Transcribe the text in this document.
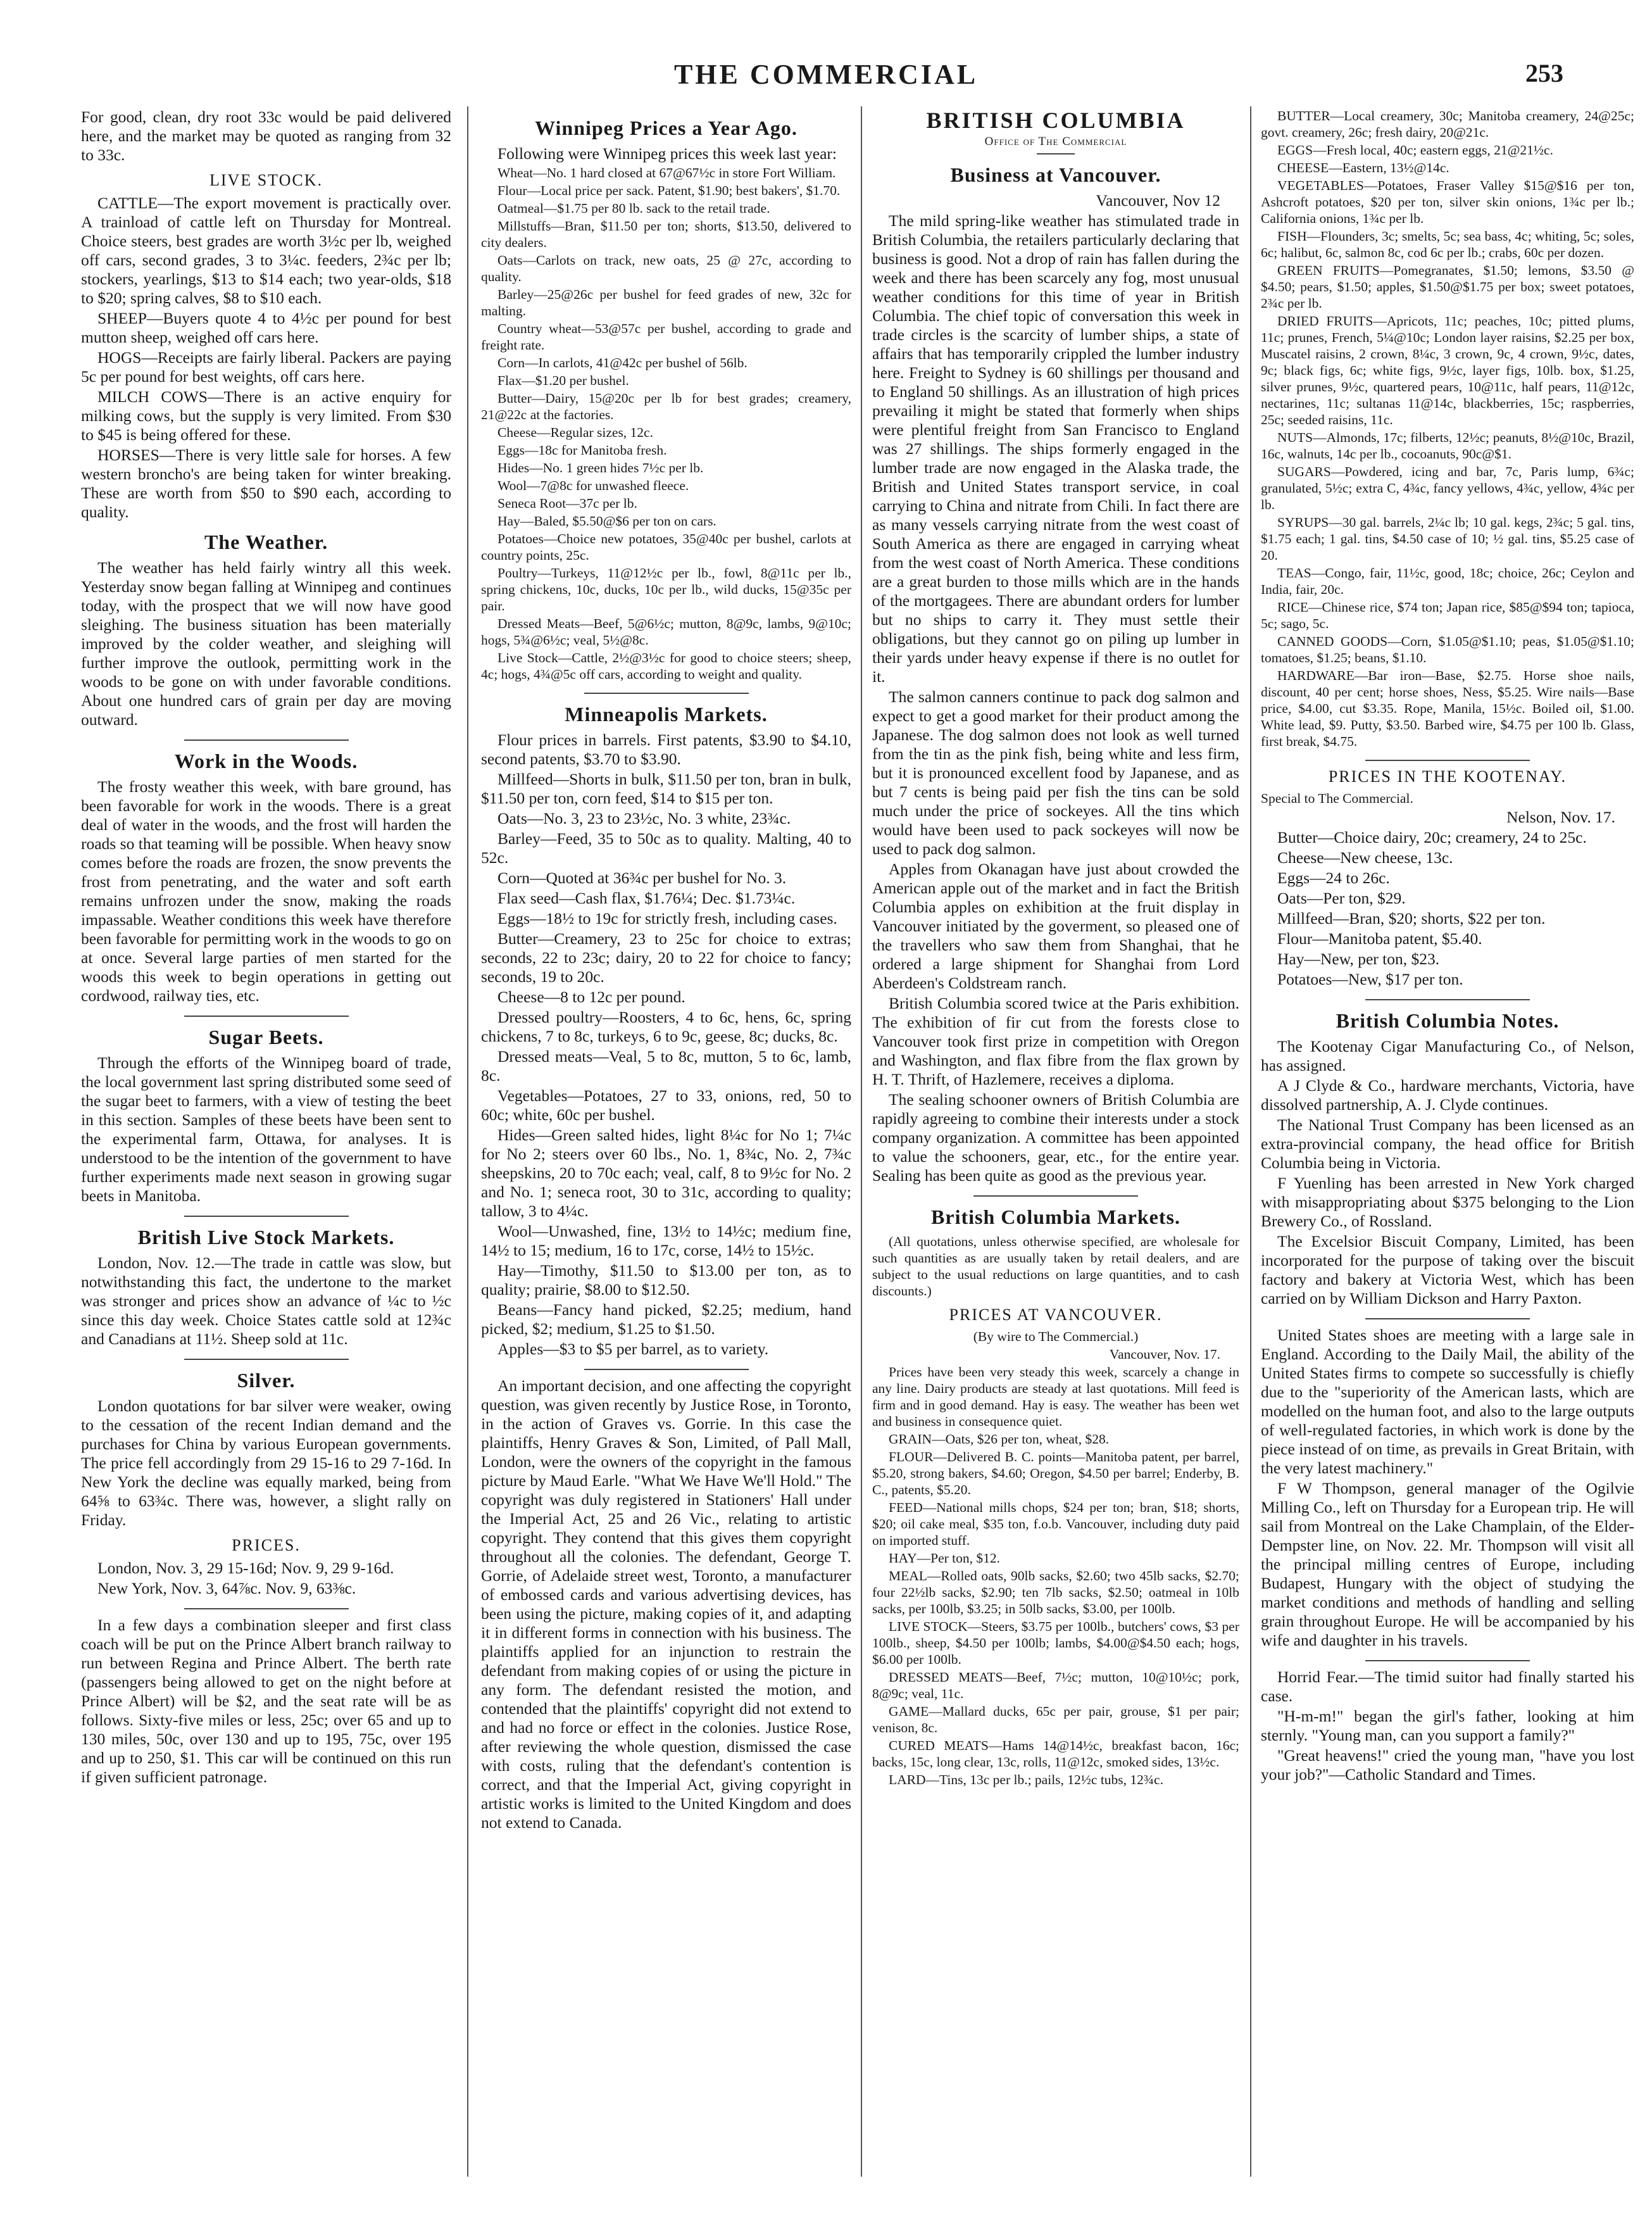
THE COMMERCIAL	253

For good, clean, dry root 33c would be paid delivered here, and the market may be quoted as ranging from 32 to 33c.

LIVE STOCK.

CATTLE—The export movement is practically over. A trainload of cattle left on Thursday for Montreal. Choice steers, best grades are worth 3½c per lb, weighed off cars, second grades, 3 to 3¼c. feeders, 2¾c per lb; stockers, yearlings, $13 to $14 each; two year-olds, $18 to $20; spring calves, $8 to $10 each.

SHEEP—Buyers quote 4 to 4½c per pound for best mutton sheep, weighed off cars here.

HOGS—Receipts are fairly liberal. Packers are paying 5c per pound for best weights, off cars here.

MILCH COWS—There is an active enquiry for milking cows, but the supply is very limited. From $30 to $45 is being offered for these.

HORSES—There is very little sale for horses. A few western broncho's are being taken for winter breaking. These are worth from $50 to $90 each, according to quality.

The Weather.

The weather has held fairly wintry all this week. Yesterday snow began falling at Winnipeg and continues today, with the prospect that we will now have good sleighing. The business situation has been materially improved by the colder weather, and sleighing will further improve the outlook, permitting work in the woods to be gone on with under favorable conditions. About one hundred cars of grain per day are moving outward.

Work in the Woods.

The frosty weather this week, with bare ground, has been favorable for work in the woods. There is a great deal of water in the woods, and the frost will harden the roads so that teaming will be possible. When heavy snow comes before the roads are frozen, the snow prevents the frost from penetrating, and the water and soft earth remains unfrozen under the snow, making the roads impassable. Weather conditions this week have therefore been favorable for permitting work in the woods to go on at once. Several large parties of men started for the woods this week to begin operations in getting out cordwood, railway ties, etc.

Sugar Beets.

Through the efforts of the Winnipeg board of trade, the local government last spring distributed some seed of the sugar beet to farmers, with a view of testing the beet in this section. Samples of these beets have been sent to the experimental farm, Ottawa, for analyses. It is understood to be the intention of the government to have further experiments made next season in growing sugar beets in Manitoba.

British Live Stock Markets.

London, Nov. 12.—The trade in cattle was slow, but notwithstanding this fact, the undertone to the market was stronger and prices show an advance of ¼c to ½c since this day week. Choice States cattle sold at 12¾c and Canadians at 11½. Sheep sold at 11c.

Silver.

London quotations for bar silver were weaker, owing to the cessation of the recent Indian demand and the purchases for China by various European governments. The price fell accordingly from 29 15-16 to 29 7-16d. In New York the decline was equally marked, being from 64⅝ to 63¾c. There was, however, a slight rally on Friday.

PRICES.

London, Nov. 3, 29 15-16d; Nov. 9, 29 9-16d.

New York, Nov. 3, 64⅞c. Nov. 9, 63⅜c.

In a few days a combination sleeper and first class coach will be put on the Prince Albert branch railway to run between Regina and Prince Albert. The berth rate (passengers being allowed to get on the night before at Prince Albert) will be $2, and the seat rate will be as follows. Sixty-five miles or less, 25c; over 65 and up to 130 miles, 50c, over 130 and up to 195, 75c, over 195 and up to 250, $1. This car will be continued on this run if given sufficient patronage.

Winnipeg Prices a Year Ago.

Following were Winnipeg prices this week last year:

Wheat—No. 1 hard closed at 67@67½c in store Fort William.

Flour—Local price per sack. Patent, $1.90; best bakers', $1.70.

Oatmeal—$1.75 per 80 lb. sack to the retail trade.

Millstuffs—Bran, $11.50 per ton; shorts, $13.50, delivered to city dealers.

Oats—Carlots on track, new oats, 25 @ 27c, according to quality.

Barley—25@26c per bushel for feed grades of new, 32c for malting.

Country wheat—53@57c per bushel, according to grade and freight rate.

Corn—In carlots, 41@42c per bushel of 56lb.

Flax—$1.20 per bushel.

Butter—Dairy, 15@20c per lb for best grades; creamery, 21@22c at the factories.

Cheese—Regular sizes, 12c.

Eggs—18c for Manitoba fresh.

Hides—No. 1 green hides 7½c per lb.

Wool—7@8c for unwashed fleece.

Seneca Root—37c per lb.

Hay—Baled, $5.50@$6 per ton on cars.

Potatoes—Choice new potatoes, 35@40c per bushel, carlots at country points, 25c.

Poultry—Turkeys, 11@12½c per lb., fowl, 8@11c per lb., spring chickens, 10c, ducks, 10c per lb., wild ducks, 15@35c per pair.

Dressed Meats—Beef, 5@6½c; mutton, 8@9c, lambs, 9@10c; hogs, 5¾@6½c; veal, 5½@8c.

Live Stock—Cattle, 2½@3½c for good to choice steers; sheep, 4c; hogs, 4¾@5c off cars, according to weight and quality.

Minneapolis Markets.

Flour prices in barrels. First patents, $3.90 to $4.10, second patents, $3.70 to $3.90.

Millfeed—Shorts in bulk, $11.50 per ton, bran in bulk, $11.50 per ton, corn feed, $14 to $15 per ton.

Oats—No. 3, 23 to 23½c, No. 3 white, 23¾c.

Barley—Feed, 35 to 50c as to quality. Malting, 40 to 52c.

Corn—Quoted at 36¾c per bushel for No. 3.

Flax seed—Cash flax, $1.76¼; Dec. $1.73¼c.

Eggs—18½ to 19c for strictly fresh, including cases.

Butter—Creamery, 23 to 25c for choice to extras; seconds, 22 to 23c; dairy, 20 to 22 for choice to fancy; seconds, 19 to 20c.

Cheese—8 to 12c per pound.

Dressed poultry—Roosters, 4 to 6c, hens, 6c, spring chickens, 7 to 8c, turkeys, 6 to 9c, geese, 8c; ducks, 8c.

Dressed meats—Veal, 5 to 8c, mutton, 5 to 6c, lamb, 8c.

Vegetables—Potatoes, 27 to 33, onions, red, 50 to 60c; white, 60c per bushel.

Hides—Green salted hides, light 8¼c for No 1; 7¼c for No 2; steers over 60 lbs., No. 1, 8¾c, No. 2, 7¾c sheepskins, 20 to 70c each; veal, calf, 8 to 9½c for No. 2 and No. 1; seneca root, 30 to 31c, according to quality; tallow, 3 to 4¼c.

Wool—Unwashed, fine, 13½ to 14½c; medium fine, 14½ to 15; medium, 16 to 17c, corse, 14½ to 15½c.

Hay—Timothy, $11.50 to $13.00 per ton, as to quality; prairie, $8.00 to $12.50.

Beans—Fancy hand picked, $2.25; medium, hand picked, $2; medium, $1.25 to $1.50.

Apples—$3 to $5 per barrel, as to variety.

An important decision, and one affecting the copyright question, was given recently by Justice Rose, in Toronto, in the action of Graves vs. Gorrie. In this case the plaintiffs, Henry Graves & Son, Limited, of Pall Mall, London, were the owners of the copyright in the famous picture by Maud Earle. "What We Have We'll Hold." The copyright was duly registered in Stationers' Hall under the Imperial Act, 25 and 26 Vic., relating to artistic copyright. They contend that this gives them copyright throughout all the colonies. The defendant, George T. Gorrie, of Adelaide street west, Toronto, a manufacturer of embossed cards and various advertising devices, has been using the picture, making copies of it, and adapting it in different forms in connection with his business. The plaintiffs applied for an injunction to restrain the defendant from making copies of or using the picture in any form. The defendant resisted the motion, and contended that the plaintiffs' copyright did not extend to and had no force or effect in the colonies. Justice Rose, after reviewing the whole question, dismissed the case with costs, ruling that the defendant's contention is correct, and that the Imperial Act, giving copyright in artistic works is limited to the United Kingdom and does not extend to Canada.

BRITISH COLUMBIA
Office of The Commercial
Business at Vancouver.

Vancouver, Nov 12

The mild spring-like weather has stimulated trade in British Columbia, the retailers particularly declaring that business is good. Not a drop of rain has fallen during the week and there has been scarcely any fog, most unusual weather conditions for this time of year in British Columbia. The chief topic of conversation this week in trade circles is the scarcity of lumber ships, a state of affairs that has temporarily crippled the lumber industry here. Freight to Sydney is 60 shillings per thousand and to England 50 shillings. As an illustration of high prices prevailing it might be stated that formerly when ships were plentiful freight from San Francisco to England was 27 shillings. The ships formerly engaged in the lumber trade are now engaged in the Alaska trade, the British and United States transport service, in coal carrying to China and nitrate from Chili. In fact there are as many vessels carrying nitrate from the west coast of South America as there are engaged in carrying wheat from the west coast of North America. These conditions are a great burden to those mills which are in the hands of the mortgagees. There are abundant orders for lumber but no ships to carry it. They must settle their obligations, but they cannot go on piling up lumber in their yards under heavy expense if there is no outlet for it.

The salmon canners continue to pack dog salmon and expect to get a good market for their product among the Japanese. The dog salmon does not look as well turned from the tin as the pink fish, being white and less firm, but it is pronounced excellent food by Japanese, and as but 7 cents is being paid per fish the tins can be sold much under the price of sockeyes. All the tins which would have been used to pack sockeyes will now be used to pack dog salmon.

Apples from Okanagan have just about crowded the American apple out of the market and in fact the British Columbia apples on exhibition at the fruit display in Vancouver initiated by the goverment, so pleased one of the travellers who saw them from Shanghai, that he ordered a large shipment for Shanghai from Lord Aberdeen's Coldstream ranch.

British Columbia scored twice at the Paris exhibition. The exhibition of fir cut from the forests close to Vancouver took first prize in competition with Oregon and Washington, and flax fibre from the flax grown by H. T. Thrift, of Hazlemere, receives a diploma.

The sealing schooner owners of British Columbia are rapidly agreeing to combine their interests under a stock company organization. A committee has been appointed to value the schooners, gear, etc., for the entire year. Sealing has been quite as good as the previous year.

British Columbia Markets.

(All quotations, unless otherwise specified, are wholesale for such quantities as are usually taken by retail dealers, and are subject to the usual reductions on large quantities, and to cash discounts.)

PRICES AT VANCOUVER.

(By wire to The Commercial.)

Vancouver, Nov. 17.

Prices have been very steady this week, scarcely a change in any line. Dairy products are steady at last quotations. Mill feed is firm and in good demand. Hay is easy. The weather has been wet and business in consequence quiet.

GRAIN—Oats, $26 per ton, wheat, $28.

FLOUR—Delivered B. C. points—Manitoba patent, per barrel, $5.20, strong bakers, $4.60; Oregon, $4.50 per barrel; Enderby, B. C., patents, $5.20.

FEED—National mills chops, $24 per ton; bran, $18; shorts, $20; oil cake meal, $35 ton, f.o.b. Vancouver, including duty paid on imported stuff.

HAY—Per ton, $12.

MEAL—Rolled oats, 90lb sacks, $2.60; two 45lb sacks, $2.70; four 22½lb sacks, $2.90; ten 7lb sacks, $2.50; oatmeal in 10lb sacks, per 100lb, $3.25; in 50lb sacks, $3.00, per 100lb.

LIVE STOCK—Steers, $3.75 per 100lb., butchers' cows, $3 per 100lb., sheep, $4.50 per 100lb; lambs, $4.00@$4.50 each; hogs, $6.00 per 100lb.

DRESSED MEATS—Beef, 7½c; mutton, 10@10½c; pork, 8@9c; veal, 11c.

GAME—Mallard ducks, 65c per pair, grouse, $1 per pair; venison, 8c.

CURED MEATS—Hams 14@14½c, breakfast bacon, 16c; backs, 15c, long clear, 13c, rolls, 11@12c, smoked sides, 13½c.

LARD—Tins, 13c per lb.; pails, 12½c tubs, 12¾c.

BUTTER—Local creamery, 30c; Manitoba creamery, 24@25c; govt. creamery, 26c; fresh dairy, 20@21c.

EGGS—Fresh local, 40c; eastern eggs, 21@21½c.

CHEESE—Eastern, 13½@14c.

VEGETABLES—Potatoes, Fraser Valley $15@$16 per ton, Ashcroft potatoes, $20 per ton, silver skin onions, 1¾c per lb.; California onions, 1¾c per lb.

FISH—Flounders, 3c; smelts, 5c; sea bass, 4c; whiting, 5c; soles, 6c; halibut, 6c, salmon 8c, cod 6c per lb.; crabs, 60c per dozen.

GREEN FRUITS—Pomegranates, $1.50; lemons, $3.50 @ $4.50; pears, $1.50; apples, $1.50@$1.75 per box; sweet potatoes, 2¾c per lb.

DRIED FRUITS—Apricots, 11c; peaches, 10c; pitted plums, 11c; prunes, French, 5¼@10c; London layer raisins, $2.25 per box, Muscatel raisins, 2 crown, 8¼c, 3 crown, 9c, 4 crown, 9½c, dates, 9c; black figs, 6c; white figs, 9½c, layer figs, 10lb. box, $1.25, silver prunes, 9½c, quartered pears, 10@11c, half pears, 11@12c, nectarines, 11c; sultanas 11@14c, blackberries, 15c; raspberries, 25c; seeded raisins, 11c.

NUTS—Almonds, 17c; filberts, 12½c; peanuts, 8½@10c, Brazil, 16c, walnuts, 14c per lb., cocoanuts, 90c@$1.

SUGARS—Powdered, icing and bar, 7c, Paris lump, 6¾c; granulated, 5½c; extra C, 4¾c, fancy yellows, 4¾c, yellow, 4¾c per lb.

SYRUPS—30 gal. barrels, 2¼c lb; 10 gal. kegs, 2¾c; 5 gal. tins, $1.75 each; 1 gal. tins, $4.50 case of 10; ½ gal. tins, $5.25 case of 20.

TEAS—Congo, fair, 11½c, good, 18c; choice, 26c; Ceylon and India, fair, 20c.

RICE—Chinese rice, $74 ton; Japan rice, $85@$94 ton; tapioca, 5c; sago, 5c.

CANNED GOODS—Corn, $1.05@$1.10; peas, $1.05@$1.10; tomatoes, $1.25; beans, $1.10.

HARDWARE—Bar iron—Base, $2.75. Horse shoe nails, discount, 40 per cent; horse shoes, Ness, $5.25. Wire nails—Base price, $4.00, cut $3.35. Rope, Manila, 15½c. Boiled oil, $1.00. White lead, $9. Putty, $3.50. Barbed wire, $4.75 per 100 lb. Glass, first break, $4.75.

PRICES IN THE KOOTENAY.

Special to The Commercial.

Nelson, Nov. 17.

Butter—Choice dairy, 20c; creamery, 24 to 25c.

Cheese—New cheese, 13c.

Eggs—24 to 26c.

Oats—Per ton, $29.

Millfeed—Bran, $20; shorts, $22 per ton.

Flour—Manitoba patent, $5.40.

Hay—New, per ton, $23.

Potatoes—New, $17 per ton.

British Columbia Notes.

The Kootenay Cigar Manufacturing Co., of Nelson, has assigned.

A J Clyde & Co., hardware merchants, Victoria, have dissolved partnership, A. J. Clyde continues.

The National Trust Company has been licensed as an extra-provincial company, the head office for British Columbia being in Victoria.

F Yuenling has been arrested in New York charged with misappropriating about $375 belonging to the Lion Brewery Co., of Rossland.

The Excelsior Biscuit Company, Limited, has been incorporated for the purpose of taking over the biscuit factory and bakery at Victoria West, which has been carried on by William Dickson and Harry Paxton.

United States shoes are meeting with a large sale in England. According to the Daily Mail, the ability of the United States firms to compete so successfully is chiefly due to the "superiority of the American lasts, which are modelled on the human foot, and also to the large outputs of well-regulated factories, in which work is done by the piece instead of on time, as prevails in Great Britain, with the very latest machinery."

F W Thompson, general manager of the Ogilvie Milling Co., left on Thursday for a European trip. He will sail from Montreal on the Lake Champlain, of the Elder-Dempster line, on Nov. 22. Mr. Thompson will visit all the principal milling centres of Europe, including Budapest, Hungary with the object of studying the market conditions and methods of handling and selling grain throughout Europe. He will be accompanied by his wife and daughter in his travels.

Horrid Fear.—The timid suitor had finally started his case.

"H-m-m!" began the girl's father, looking at him sternly. "Young man, can you support a family?"

"Great heavens!" cried the young man, "have you lost your job?"—Catholic Standard and Times.
